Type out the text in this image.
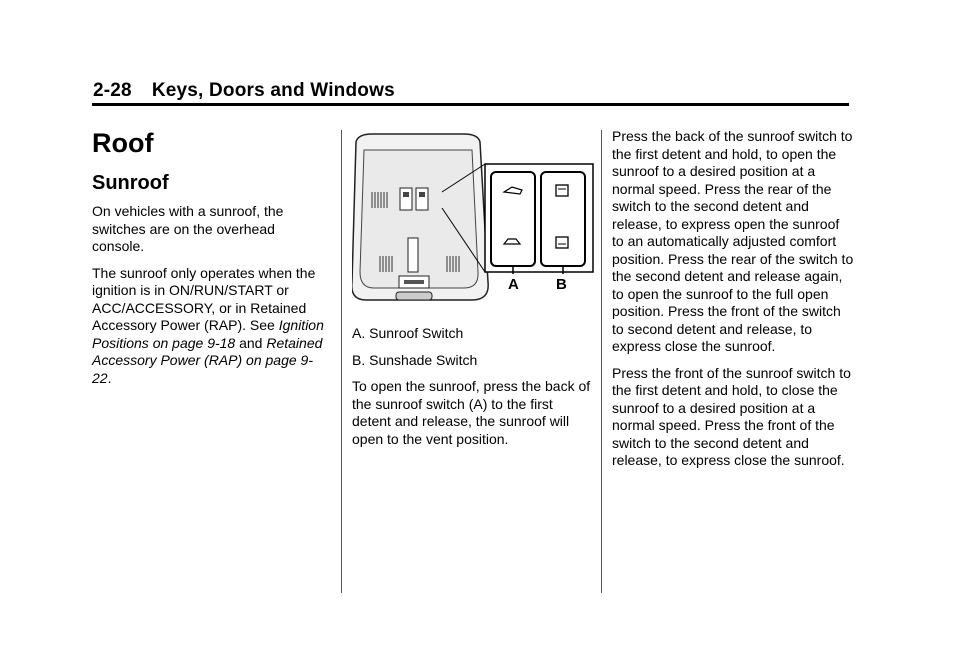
2-28 Keys, Doors and Windows
Roof
Sunroof

On vehicles with a sunroof, the switches are on the overhead console.

The sunroof only operates when the ignition is in ON/RUN/START or ACC/ACCESSORY, or in Retained Accessory Power (RAP). See Ignition Positions on page 9-18 and Retained Accessory Power (RAP) on page 9-22.

A B

A. Sunroof Switch

B. Sunshade Switch

To open the sunroof, press the back of the sunroof switch (A) to the first detent and release, the sunroof will open to the vent position.

Press the back of the sunroof switch to the first detent and hold, to open the sunroof to a desired position at a normal speed. Press the rear of the switch to the second detent and release, to express open the sunroof to an automatically adjusted comfort position. Press the rear of the switch to the second detent and release again, to open the sunroof to the full open position. Press the front of the switch to second detent and release, to express close the sunroof.

Press the front of the sunroof switch to the first detent and hold, to close the sunroof to a desired position at a normal speed. Press the front of the switch to the second detent and release, to express close the sunroof.
